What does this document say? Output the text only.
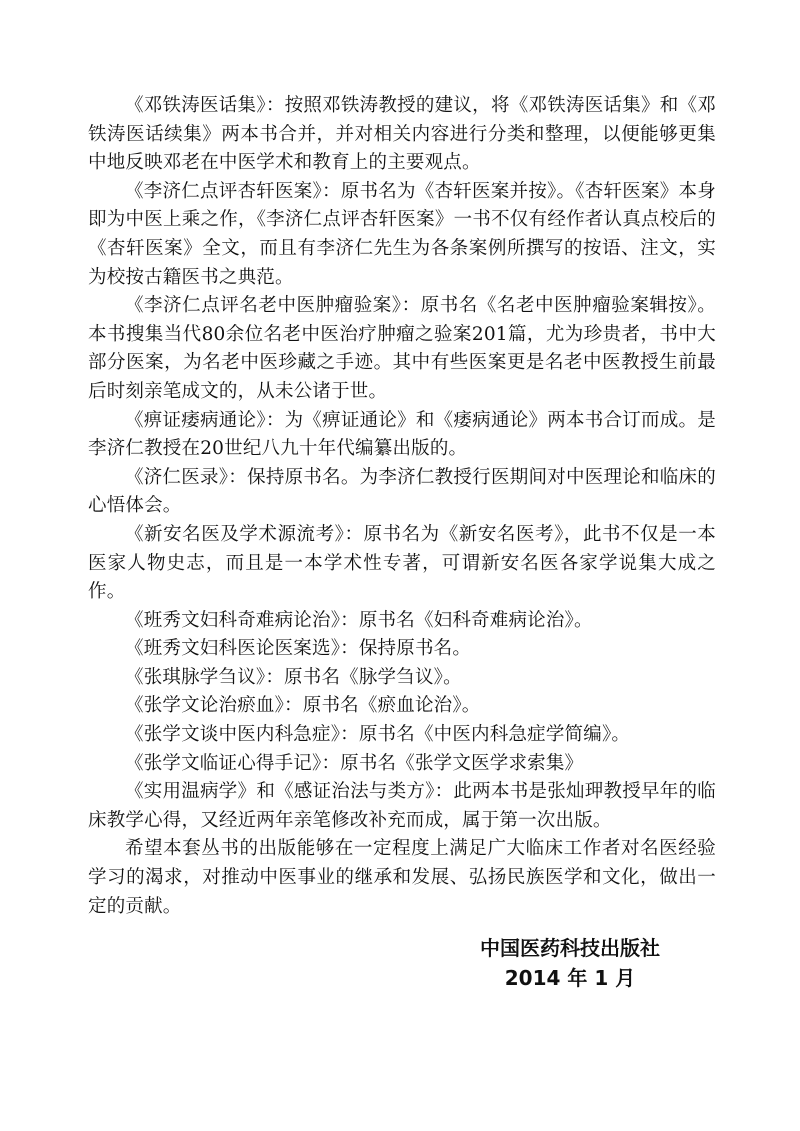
《邓铁涛医话集》：按照邓铁涛教授的建议，将《邓铁涛医话集》和《邓铁涛医话续集》两本书合并，并对相关内容进行分类和整理，以便能够更集中地反映邓老在中医学术和教育上的主要观点。

《李济仁点评杏轩医案》：原书名为《杏轩医案并按》。《杏轩医案》本身即为中医上乘之作，《李济仁点评杏轩医案》一书不仅有经作者认真点校后的《杏轩医案》全文，而且有李济仁先生为各条案例所撰写的按语、注文，实为校按古籍医书之典范。

《李济仁点评名老中医肿瘤验案》：原书名《名老中医肿瘤验案辑按》。本书搜集当代80余位名老中医治疗肿瘤之验案201篇，尤为珍贵者，书中大部分医案，为名老中医珍藏之手迹。其中有些医案更是名老中医教授生前最后时刻亲笔成文的，从未公诸于世。

《痹证痿病通论》：为《痹证通论》和《痿病通论》两本书合订而成。是李济仁教授在20世纪八九十年代编纂出版的。

《济仁医录》：保持原书名。为李济仁教授行医期间对中医理论和临床的心悟体会。

《新安名医及学术源流考》：原书名为《新安名医考》，此书不仅是一本医家人物史志，而且是一本学术性专著，可谓新安名医各家学说集大成之作。

《班秀文妇科奇难病论治》：原书名《妇科奇难病论治》。

《班秀文妇科医论医案选》：保持原书名。

《张琪脉学刍议》：原书名《脉学刍议》。

《张学文论治瘀血》：原书名《瘀血论治》。

《张学文谈中医内科急症》：原书名《中医内科急症学简编》。

《张学文临证心得手记》：原书名《张学文医学求索集》

《实用温病学》和《感证治法与类方》：此两本书是张灿玾教授早年的临床教学心得，又经近两年亲笔修改补充而成，属于第一次出版。

希望本套丛书的出版能够在一定程度上满足广大临床工作者对名医经验学习的渴求，对推动中医事业的继承和发展、弘扬民族医学和文化，做出一定的贡献。

中国医药科技出版社
2014 年 1 月
